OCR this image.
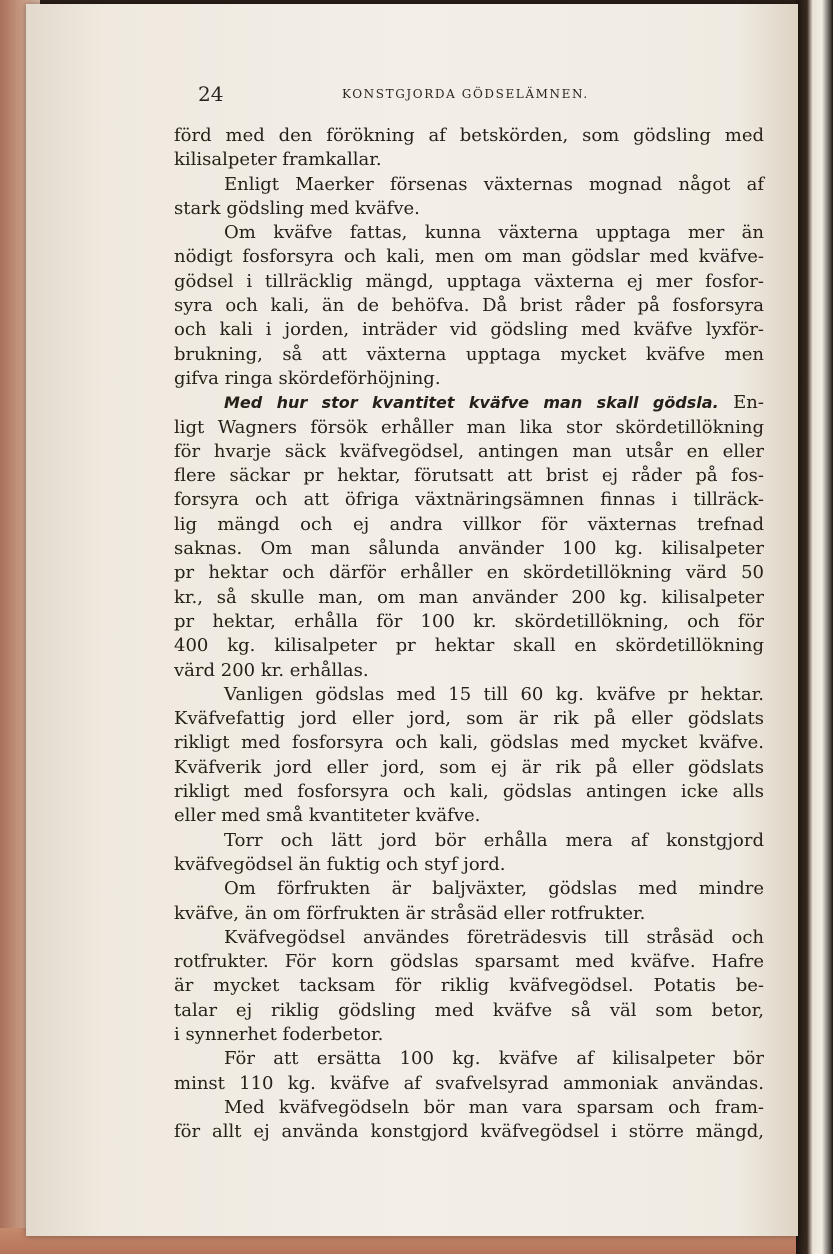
24	KONSTGJORDA GÖDSELÄMNEN.
förd med den förökning af betskörden, som gödsling med
kilisalpeter framkallar.
Enligt Maerker försenas växternas mognad något af
stark gödsling med kväfve.
Om kväfve fattas, kunna växterna upptaga mer än
nödigt fosforsyra och kali, men om man gödslar med kväfve-
gödsel i tillräcklig mängd, upptaga växterna ej mer fosfor-
syra och kali, än de behöfva. Då brist råder på fosforsyra
och kali i jorden, inträder vid gödsling med kväfve lyxför-
brukning, så att växterna upptaga mycket kväfve men
gifva ringa skördeförhöjning.
Med hur stor kvantitet kväfve man skall gödsla. En-
ligt Wagners försök erhåller man lika stor skördetillökning
för hvarje säck kväfvegödsel, antingen man utsår en eller
flere säckar pr hektar, förutsatt att brist ej råder på fos-
forsyra och att öfriga växtnäringsämnen finnas i tillräck-
lig mängd och ej andra villkor för växternas trefnad
saknas. Om man sålunda använder 100 kg. kilisalpeter
pr hektar och därför erhåller en skördetillökning värd 50
kr., så skulle man, om man använder 200 kg. kilisalpeter
pr hektar, erhålla för 100 kr. skördetillökning, och för
400 kg. kilisalpeter pr hektar skall en skördetillökning
värd 200 kr. erhållas.
Vanligen gödslas med 15 till 60 kg. kväfve pr hektar.
Kväfvefattig jord eller jord, som är rik på eller gödslats
rikligt med fosforsyra och kali, gödslas med mycket kväfve.
Kväfverik jord eller jord, som ej är rik på eller gödslats
rikligt med fosforsyra och kali, gödslas antingen icke alls
eller med små kvantiteter kväfve.
Torr och lätt jord bör erhålla mera af konstgjord
kväfvegödsel än fuktig och styf jord.
Om förfrukten är baljväxter, gödslas med mindre
kväfve, än om förfrukten är stråsäd eller rotfrukter.
Kväfvegödsel användes företrädesvis till stråsäd och
rotfrukter. För korn gödslas sparsamt med kväfve. Hafre
är mycket tacksam för riklig kväfvegödsel. Potatis be-
talar ej riklig gödsling med kväfve så väl som betor,
i synnerhet foderbetor.
För att ersätta 100 kg. kväfve af kilisalpeter bör
minst 110 kg. kväfve af svafvelsyrad ammoniak användas.
Med kväfvegödseln bör man vara sparsam och fram-
för allt ej använda konstgjord kväfvegödsel i större mängd,
